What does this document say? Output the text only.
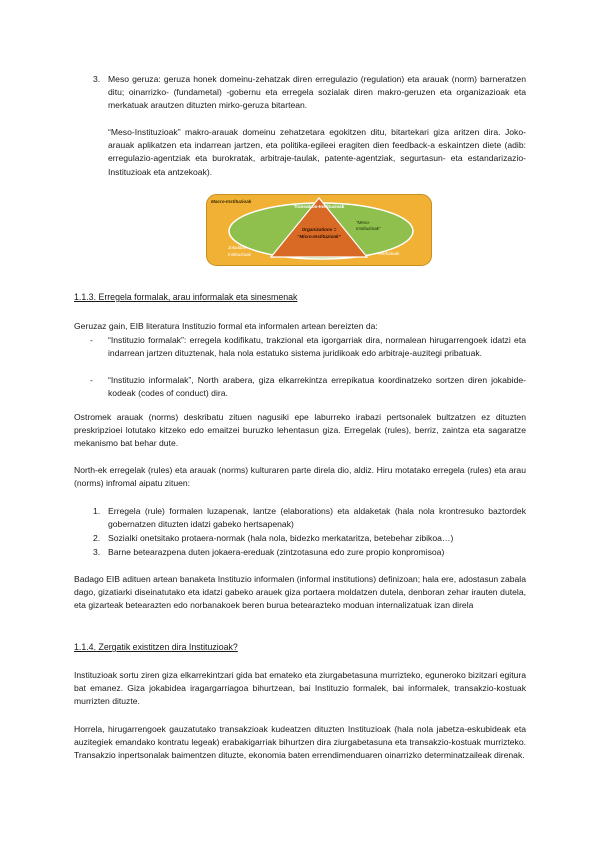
3. Meso geruza: geruza honek domeinu-zehatzak diren erregulazio (regulation) eta arauak (norm) barneratzen ditu; oinarrizko- (fundametal) -gobernu eta erregela sozialak diren makro-geruzen eta organizazioak eta merkatuak arautzen dituzten mirko-geruza bitartean.

“Meso-Instituzioak” makro-arauak domeinu zehatzetara egokitzen ditu, bitartekari giza aritzen dira. Joko-arauak aplikatzen eta indarrean jartzen, eta politika-egileei eragiten dien feedback-a eskaintzen diete (adib: erregulazio-agentziak eta burokratak, arbitraje-taulak, patente-agentziak, segurtasun- eta estandarizazio-Instituzioak eta antzekoak).

Macro-Instituzioak
Transakzio-Instituzioak
“Meso-
Instituzioak”
Organizations =
“Micro-Instituzioak”
Jokaldari
Instituzioak	Merkatuak
1.1.3. Erregela formalak, arau informalak eta sinesmenak

Geruzaz gain, EIB literatura Instituzio formal eta informalen artean bereizten da:

- “Instituzio formalak”: erregela kodifikatu, trakzional eta igorgarriak dira, normalean hirugarrengoek idatzi eta indarrean jartzen dituztenak, hala nola estatuko sistema juridikoak edo arbitraje-auzitegi pribatuak.

- “Instituzio informalak”, North arabera, giza elkarrekintza errepikatua koordinatzeko sortzen diren jokabide-kodeak (codes of conduct) dira.

Ostromek arauak (norms) deskribatu zituen nagusiki epe laburreko irabazi pertsonalek bultzatzen ez dituzten preskripzioei lotutako kitzeko edo emaitzei buruzko lehentasun giza. Erregelak (rules), berriz, zaintza eta sagaratze mekanismo bat behar dute.

North-ek erregelak (rules) eta arauak (norms) kulturaren parte direla dio, aldiz. Hiru motatako erregela (rules) eta arau (norms) infromal aipatu zituen:

1. Erregela (rule) formalen luzapenak, lantze (elaborations) eta aldaketak (hala nola krontresuko baztordek gobernatzen dituzten idatzi gabeko hertsapenak)

2. Sozialki onetsitako protaera-normak (hala nola, bidezko merkataritza, betebehar zibikoa…)

3. Barne betearazpena duten jokaera-ereduak (zintzotasuna edo zure propio konpromisoa)

Badago EIB adituen artean banaketa Instituzio informalen (informal institutions) definizoan; hala ere, adostasun zabala dago, gizatiarki diseinatutako eta idatzi gabeko arauek giza portaera moldatzen dutela, denboran zehar irauten dutela, eta gizarteak betearazten edo norbanakoek beren burua betearazteko moduan internalizatuak izan direla

1.1.4. Zergatik existitzen dira Instituzioak?

Instituzioak sortu ziren giza elkarrekintzari gida bat emateko eta ziurgabetasuna murrizteko, eguneroko bizitzari egitura bat emanez. Giza jokabidea iragargarriagoa bihurtzean, bai Instituzio formalek, bai informalek, transakzio-kostuak murrizten dituzte.

Horrela, hirugarrengoek gauzatutako transakzioak kudeatzen dituzten Instituzioak (hala nola jabetza-eskubideak eta auzitegiek emandako kontratu legeak) erabakigarriak bihurtzen dira ziurgabetasuna eta transakzio-kostuak murrizteko. Transakzio inpertsonalak baimentzen dituzte, ekonomia baten errendimenduaren oinarrizko determinatzaileak direnak.
